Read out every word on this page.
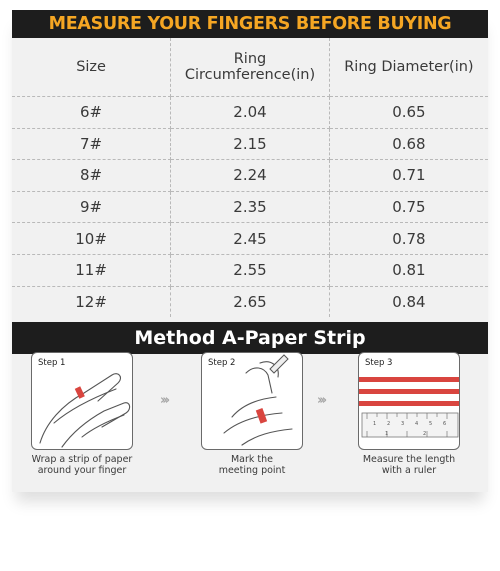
MEASURE YOUR FINGERS BEFORE BUYING
Size	Ring Circumference(in)	Ring Diameter(in)
6#	2.04	0.65
7#	2.15	0.68
8#	2.24	0.71
9#	2.35	0.75
10#	2.45	0.78
11#	2.55	0.81
12#	2.65	0.84
Method A-Paper Strip
Step 1
›››
Step 2
›››
1 2 3 4 5 6
1	2
Step 3
Wrap a strip of paper
around your finger
Mark the
meeting point
Measure the length
with a ruler
